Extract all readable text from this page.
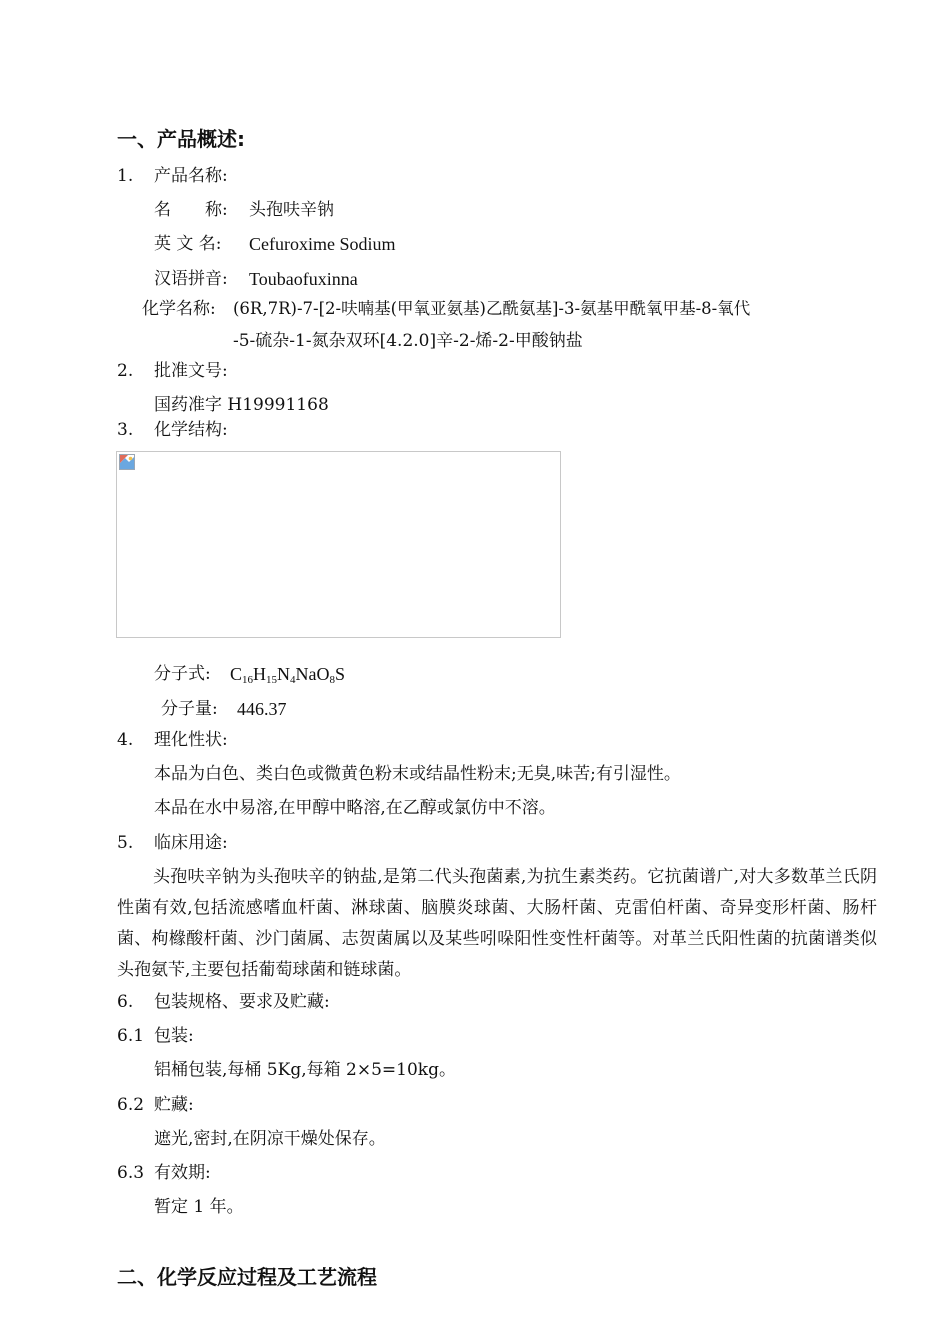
一、产品概述:
1. 产品名称:
名　　称: 头孢呋辛钠
英 文 名: Cefuroxime Sodium
汉语拼音: Toubaofuxinna
化学名称: (6R,7R)-7-[2-呋喃基(甲氧亚氨基)乙酰氨基]-3-氨基甲酰氧甲基-8-氧代
-5-硫杂-1-氮杂双环[4.2.0]辛-2-烯-2-甲酸钠盐
2. 批准文号:
国药准字 H19991168
3. 化学结构:
分子式: $C_{16}H_{15}N_4NaO_8S$
分子量: 446.37
4. 理化性状:
本品为白色、类白色或微黄色粉末或结晶性粉末;无臭,味苦;有引湿性。
本品在水中易溶,在甲醇中略溶,在乙醇或氯仿中不溶。
5. 临床用途:
头孢呋辛钠为头孢呋辛的钠盐,是第二代头孢菌素,为抗生素类药。它抗菌谱广,对大多数革兰氏阴性菌有效,包括流感嗜血杆菌、淋球菌、脑膜炎球菌、大肠杆菌、克雷伯杆菌、奇异变形杆菌、肠杆菌、枸橼酸杆菌、沙门菌属、志贺菌属以及某些吲哚阳性变性杆菌等。对革兰氏阳性菌的抗菌谱类似头孢氨苄,主要包括葡萄球菌和链球菌。
6. 包装规格、要求及贮藏:
6.1 包装:
铝桶包装,每桶 5Kg,每箱 2×5=10kg。
6.2 贮藏:
遮光,密封,在阴凉干燥处保存。
6.3 有效期:
暂定 1 年。
二、化学反应过程及工艺流程
